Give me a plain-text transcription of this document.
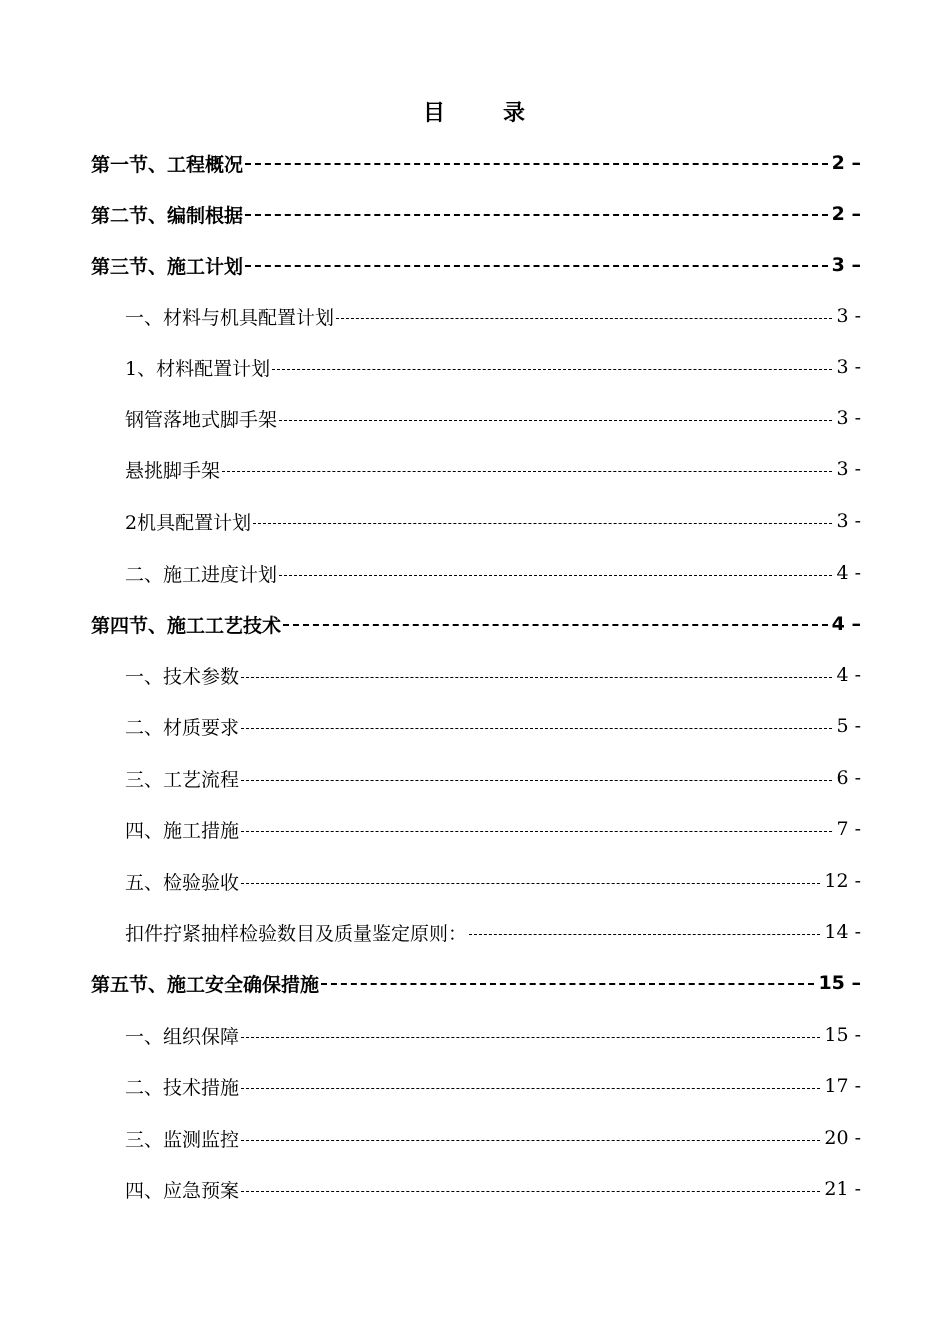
目	录
第一节、工程概况	2 –
第二节、编制根据	2 –
第三节、施工计划	3 –
一、材料与机具配置计划	3 -
1、材料配置计划	3 -
钢管落地式脚手架	3 -
悬挑脚手架	3 -
2机具配置计划	3 -
二、施工进度计划	4 -
第四节、施工工艺技术	4 –
一、技术参数	4 -
二、材质要求	5 -
三、工艺流程	6 -
四、施工措施	7 -
五、检验验收	12 -
扣件拧紧抽样检验数目及质量鉴定原则：	14 -
第五节、施工安全确保措施	15 –
一、组织保障	15 -
二、技术措施	17 -
三、监测监控	20 -
四、应急预案	21 -
